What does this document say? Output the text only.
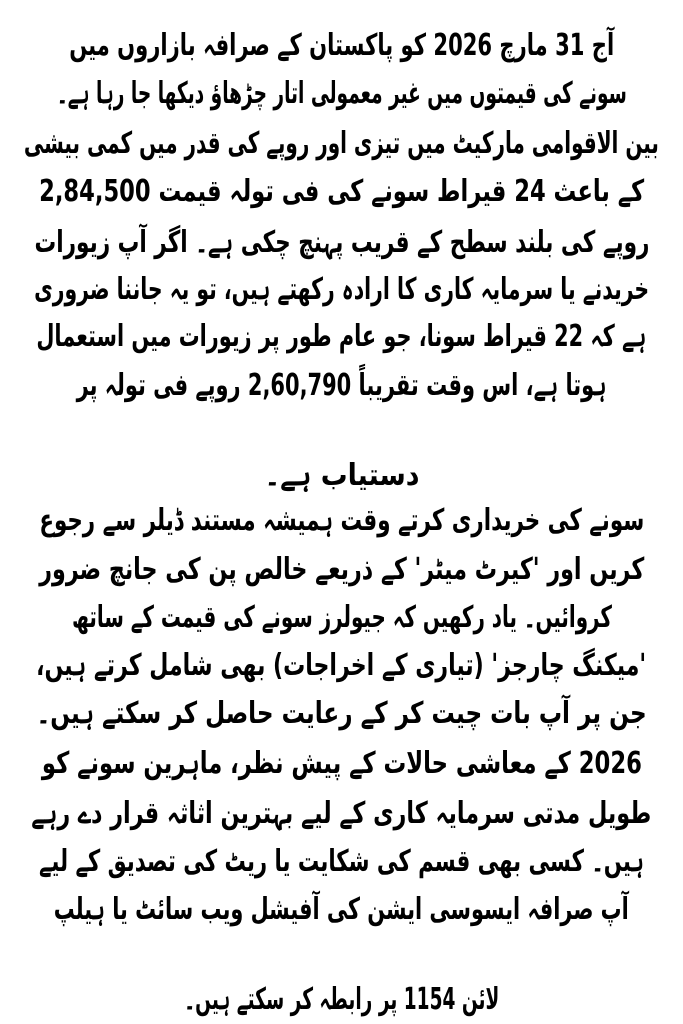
آج 31 مارچ 2026 کو پاکستان کے صرافہ بازاروں میں
سونے کی قیمتوں میں غیر معمولی اتار چڑھاؤ دیکھا جا رہا ہے۔
بین الاقوامی مارکیٹ میں تیزی اور روپے کی قدر میں کمی بیشی
کے باعث 24 قیراط سونے کی فی تولہ قیمت 2,84,500
روپے کی بلند سطح کے قریب پہنچ چکی ہے۔ اگر آپ زیورات
خریدنے یا سرمایہ کاری کا ارادہ رکھتے ہیں، تو یہ جاننا ضروری
ہے کہ 22 قیراط سونا، جو عام طور پر زیورات میں استعمال
ہوتا ہے، اس وقت تقریباً 2,60,790 روپے فی تولہ پر
دستیاب ہے۔
سونے کی خریداری کرتے وقت ہمیشہ مستند ڈیلر سے رجوع
کریں اور 'کیرٹ میٹر' کے ذریعے خالص پن کی جانچ ضرور
کروائیں۔ یاد رکھیں کہ جیولرز سونے کی قیمت کے ساتھ
'میکنگ چارجز' (تیاری کے اخراجات) بھی شامل کرتے ہیں،
جن پر آپ بات چیت کر کے رعایت حاصل کر سکتے ہیں۔
2026 کے معاشی حالات کے پیش نظر، ماہرین سونے کو
طویل مدتی سرمایہ کاری کے لیے بہترین اثاثہ قرار دے رہے
ہیں۔ کسی بھی قسم کی شکایت یا ریٹ کی تصدیق کے لیے
آپ صرافہ ایسوسی ایشن کی آفیشل ویب سائٹ یا ہیلپ
لائن 1154 پر رابطہ کر سکتے ہیں۔
